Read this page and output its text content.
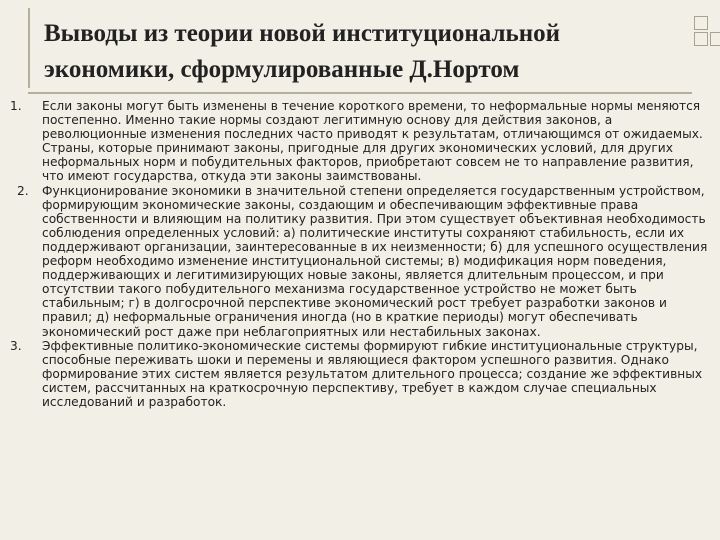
Выводы из теории новой институциональной
экономики, сформулированные Д.Нортом

1. Если законы могут быть изменены в течение короткого времени, то неформальные нормы меняются постепенно. Именно такие нормы создают легитимную основу для действия законов, а революционные изменения последних часто приводят к результатам, отличающимся от ожидаемых. Страны, которые принимают законы, пригодные для других экономических условий, для других неформальных норм и побудительных факторов, приобретают совсем не то направление развития, что имеют государства, откуда эти законы заимствованы.

2. Функционирование экономики в значительной степени определяется государственным устройством, формирующим экономические законы, создающим и обеспечивающим эффективные права собственности и влияющим на политику развития. При этом существует объективная необходимость соблюдения определенных условий: а) политические институты сохраняют стабильность, если их поддерживают организации, заинтересованные в их неизменности; б) для успешного осуществления реформ необходимо изменение институциональной системы; в) модификация норм поведения, поддерживающих и легитимизирующих новые законы, является длительным процессом, и при отсутствии такого побудительного механизма государственное устройство не может быть стабильным; г) в долгосрочной перспективе экономический рост требует разработки законов и правил; д) неформальные ограничения иногда (но в краткие периоды) могут обеспечивать экономический рост даже при неблагоприятных или нестабильных законах.

3. Эффективные политико-экономические системы формируют гибкие институциональные структуры, способные переживать шоки и перемены и являющиеся фактором успешного развития. Однако формирование этих систем является результатом длительного процесса; создание же эффективных систем, рассчитанных на краткосрочную перспективу, требует в каждом случае специальных исследований и разработок.
